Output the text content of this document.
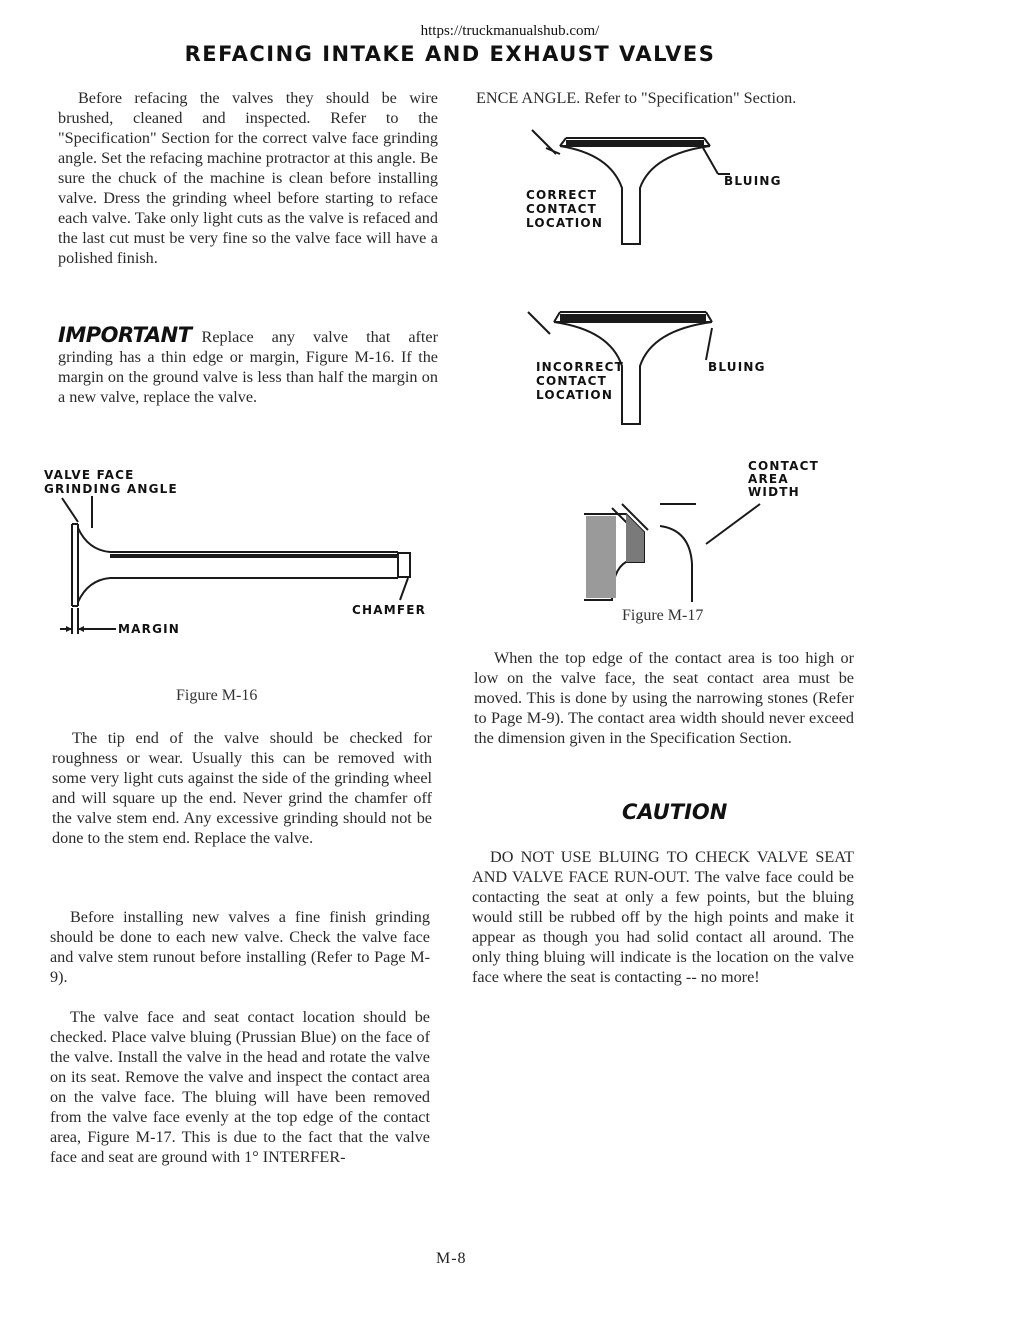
https://truckmanualshub.com/
REFACING INTAKE AND EXHAUST VALVES
Before refacing the valves they should be wire brushed, cleaned and inspected. Refer to the "Specification" Section for the correct valve face grinding angle. Set the refacing machine protractor at this angle. Be sure the chuck of the machine is clean before installing valve. Dress the grinding wheel before starting to reface each valve. Take only light cuts as the valve is refaced and the last cut must be very fine so the valve face will have a polished finish.
IMPORTANT Replace any valve that after grinding has a thin edge or margin, Figure M-16. If the margin on the ground valve is less than half the margin on a new valve, replace the valve.
VALVE FACE
GRINDING ANGLE
CHAMFER
MARGIN
Figure M-16
The tip end of the valve should be checked for roughness or wear. Usually this can be removed with some very light cuts against the side of the grinding wheel and will square up the end. Never grind the chamfer off the valve stem end. Any excessive grinding should not be done to the stem end. Replace the valve.
Before installing new valves a fine finish grinding should be done to each new valve. Check the valve face and valve stem runout before installing (Refer to Page M-9).
The valve face and seat contact location should be checked. Place valve bluing (Prussian Blue) on the face of the valve. Install the valve in the head and rotate the valve on its seat. Remove the valve and inspect the contact area on the valve face. The bluing will have been removed from the valve face evenly at the top edge of the contact area, Figure M-17. This is due to the fact that the valve face and seat are ground with 1° INTERFER-
ENCE ANGLE. Refer to "Specification" Section.
CORRECT
CONTACT
LOCATION
BLUING
INCORRECT
CONTACT
LOCATION
BLUING
CONTACT
AREA
WIDTH
Figure M-17
When the top edge of the contact area is too high or low on the valve face, the seat contact area must be moved. This is done by using the narrowing stones (Refer to Page M-9). The contact area width should never exceed the dimension given in the Specification Section.
CAUTION
DO NOT USE BLUING TO CHECK VALVE SEAT AND VALVE FACE RUN-OUT. The valve face could be contacting the seat at only a few points, but the bluing would still be rubbed off by the high points and make it appear as though you had solid contact all around. The only thing bluing will indicate is the location on the valve face where the seat is contacting -- no more!
M-8
